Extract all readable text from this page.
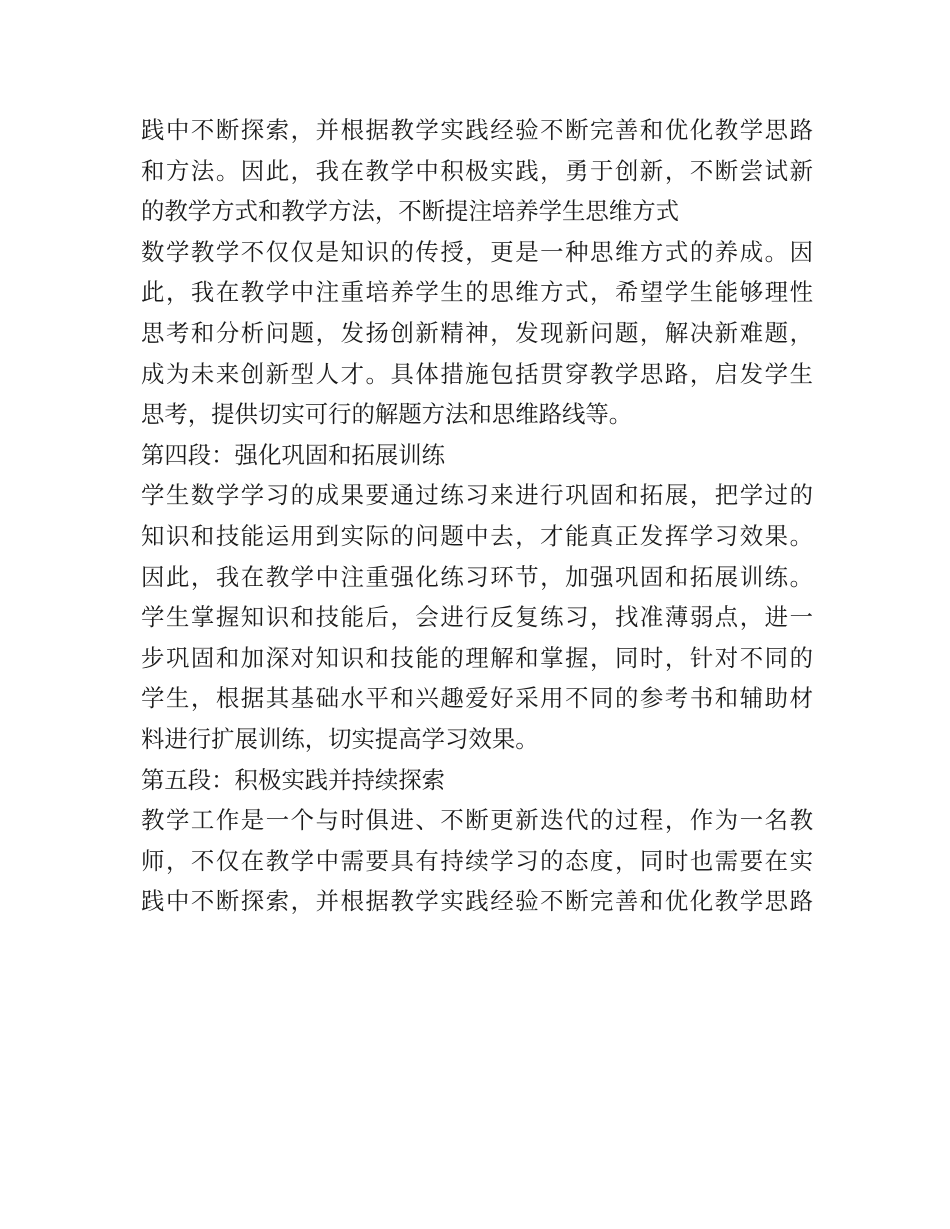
践中不断探索，并根据教学实践经验不断完善和优化教学思路
和方法。因此，我在教学中积极实践，勇于创新，不断尝试新
的教学方式和教学方法，不断提注培养学生思维方式
数学教学不仅仅是知识的传授，更是一种思维方式的养成。因
此，我在教学中注重培养学生的思维方式，希望学生能够理性
思考和分析问题，发扬创新精神，发现新问题，解决新难题，
成为未来创新型人才。具体措施包括贯穿教学思路，启发学生
思考，提供切实可行的解题方法和思维路线等。
第四段：强化巩固和拓展训练
学生数学学习的成果要通过练习来进行巩固和拓展，把学过的
知识和技能运用到实际的问题中去，才能真正发挥学习效果。
因此，我在教学中注重强化练习环节，加强巩固和拓展训练。
学生掌握知识和技能后，会进行反复练习，找准薄弱点，进一
步巩固和加深对知识和技能的理解和掌握，同时，针对不同的
学生，根据其基础水平和兴趣爱好采用不同的参考书和辅助材
料进行扩展训练，切实提高学习效果。
第五段：积极实践并持续探索
教学工作是一个与时俱进、不断更新迭代的过程，作为一名教
师，不仅在教学中需要具有持续学习的态度，同时也需要在实
践中不断探索，并根据教学实践经验不断完善和优化教学思路
